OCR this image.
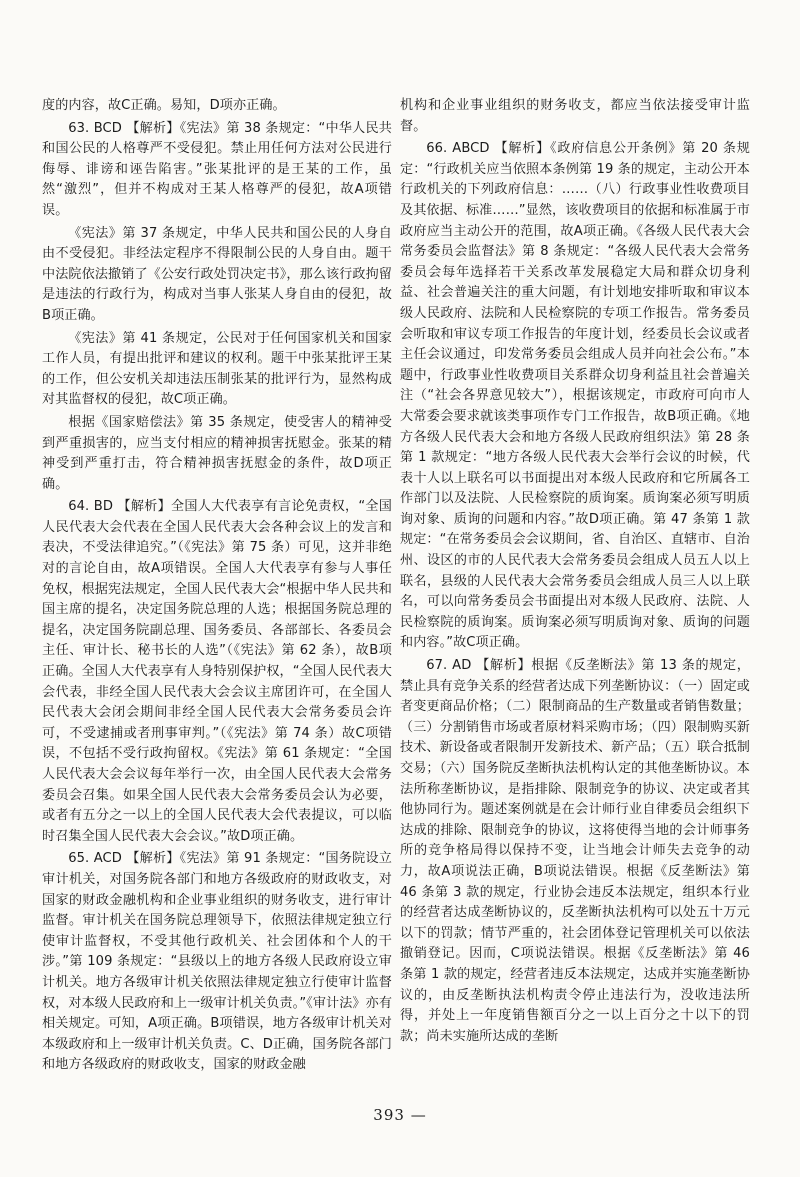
度的内容，故C正确。易知，D项亦正确。

63. BCD 【解析】《宪法》第 38 条规定：“中华人民共和国公民的人格尊严不受侵犯。禁止用任何方法对公民进行侮辱、诽谤和诬告陷害。”张某批评的是王某的工作，虽然“激烈”，但并不构成对王某人格尊严的侵犯，故A项错误。

《宪法》第 37 条规定，中华人民共和国公民的人身自由不受侵犯。非经法定程序不得限制公民的人身自由。题干中法院依法撤销了《公安行政处罚决定书》，那么该行政拘留是违法的行政行为，构成对当事人张某人身自由的侵犯，故B项正确。

《宪法》第 41 条规定，公民对于任何国家机关和国家工作人员，有提出批评和建议的权利。题干中张某批评王某的工作，但公安机关却违法压制张某的批评行为，显然构成对其监督权的侵犯，故C项正确。

根据《国家赔偿法》第 35 条规定，使受害人的精神受到严重损害的，应当支付相应的精神损害抚慰金。张某的精神受到严重打击，符合精神损害抚慰金的条件，故D项正确。

64. BD 【解析】全国人大代表享有言论免责权，“全国人民代表大会代表在全国人民代表大会各种会议上的发言和表决，不受法律追究。”（《宪法》第 75 条）可见，这并非绝对的言论自由，故A项错误。全国人大代表享有参与人事任免权，根据宪法规定，全国人民代表大会“根据中华人民共和国主席的提名，决定国务院总理的人选；根据国务院总理的提名，决定国务院副总理、国务委员、各部部长、各委员会主任、审计长、秘书长的人选”（《宪法》第 62 条），故B项正确。全国人大代表享有人身特别保护权，“全国人民代表大会代表，非经全国人民代表大会会议主席团许可，在全国人民代表大会闭会期间非经全国人民代表大会常务委员会许可，不受逮捕或者刑事审判。”（《宪法》第 74 条）故C项错误，不包括不受行政拘留权。《宪法》第 61 条规定：“全国人民代表大会会议每年举行一次，由全国人民代表大会常务委员会召集。如果全国人民代表大会常务委员会认为必要，或者有五分之一以上的全国人民代表大会代表提议，可以临时召集全国人民代表大会会议。”故D项正确。

65. ACD 【解析】《宪法》第 91 条规定：“国务院设立审计机关，对国务院各部门和地方各级政府的财政收支，对国家的财政金融机构和企业事业组织的财务收支，进行审计监督。审计机关在国务院总理领导下，依照法律规定独立行使审计监督权，不受其他行政机关、社会团体和个人的干涉。”第 109 条规定：“县级以上的地方各级人民政府设立审计机关。地方各级审计机关依照法律规定独立行使审计监督权，对本级人民政府和上一级审计机关负责。”《审计法》亦有相关规定。可知，A项正确。B项错误，地方各级审计机关对本级政府和上一级审计机关负责。C、D正确，国务院各部门和地方各级政府的财政收支，国家的财政金融

机构和企业事业组织的财务收支，都应当依法接受审计监督。

66. ABCD 【解析】《政府信息公开条例》第 20 条规定：“行政机关应当依照本条例第 19 条的规定，主动公开本行政机关的下列政府信息：……（八）行政事业性收费项目及其依据、标准……”显然，该收费项目的依据和标准属于市政府应当主动公开的范围，故A项正确。《各级人民代表大会常务委员会监督法》第 8 条规定：“各级人民代表大会常务委员会每年选择若干关系改革发展稳定大局和群众切身利益、社会普遍关注的重大问题，有计划地安排听取和审议本级人民政府、法院和人民检察院的专项工作报告。常务委员会听取和审议专项工作报告的年度计划，经委员长会议或者主任会议通过，印发常务委员会组成人员并向社会公布。”本题中，行政事业性收费项目关系群众切身利益且社会普遍关注（“社会各界意见较大”），根据该规定，市政府可向市人大常委会要求就该类事项作专门工作报告，故B项正确。《地方各级人民代表大会和地方各级人民政府组织法》第 28 条第 1 款规定：“地方各级人民代表大会举行会议的时候，代表十人以上联名可以书面提出对本级人民政府和它所属各工作部门以及法院、人民检察院的质询案。质询案必须写明质询对象、质询的问题和内容。”故D项正确。第 47 条第 1 款规定：“在常务委员会会议期间，省、自治区、直辖市、自治州、设区的市的人民代表大会常务委员会组成人员五人以上联名，县级的人民代表大会常务委员会组成人员三人以上联名，可以向常务委员会书面提出对本级人民政府、法院、人民检察院的质询案。质询案必须写明质询对象、质询的问题和内容。”故C项正确。

67. AD 【解析】根据《反垄断法》第 13 条的规定，禁止具有竞争关系的经营者达成下列垄断协议：（一）固定或者变更商品价格；（二）限制商品的生产数量或者销售数量；（三）分割销售市场或者原材料采购市场；（四）限制购买新技术、新设备或者限制开发新技术、新产品；（五）联合抵制交易；（六）国务院反垄断执法机构认定的其他垄断协议。本法所称垄断协议，是指排除、限制竞争的协议、决定或者其他协同行为。题述案例就是在会计师行业自律委员会组织下达成的排除、限制竞争的协议，这将使得当地的会计师事务所的竞争格局得以保持不变，让当地会计师失去竞争的动力，故A项说法正确，B项说法错误。根据《反垄断法》第 46 条第 3 款的规定，行业协会违反本法规定，组织本行业的经营者达成垄断协议的，反垄断执法机构可以处五十万元以下的罚款；情节严重的，社会团体登记管理机关可以依法撤销登记。因而，C项说法错误。根据《反垄断法》第 46 条第 1 款的规定，经营者违反本法规定，达成并实施垄断协议的，由反垄断执法机构责令停止违法行为，没收违法所得，并处上一年度销售额百分之一以上百分之十以下的罚款；尚未实施所达成的垄断

393 —
